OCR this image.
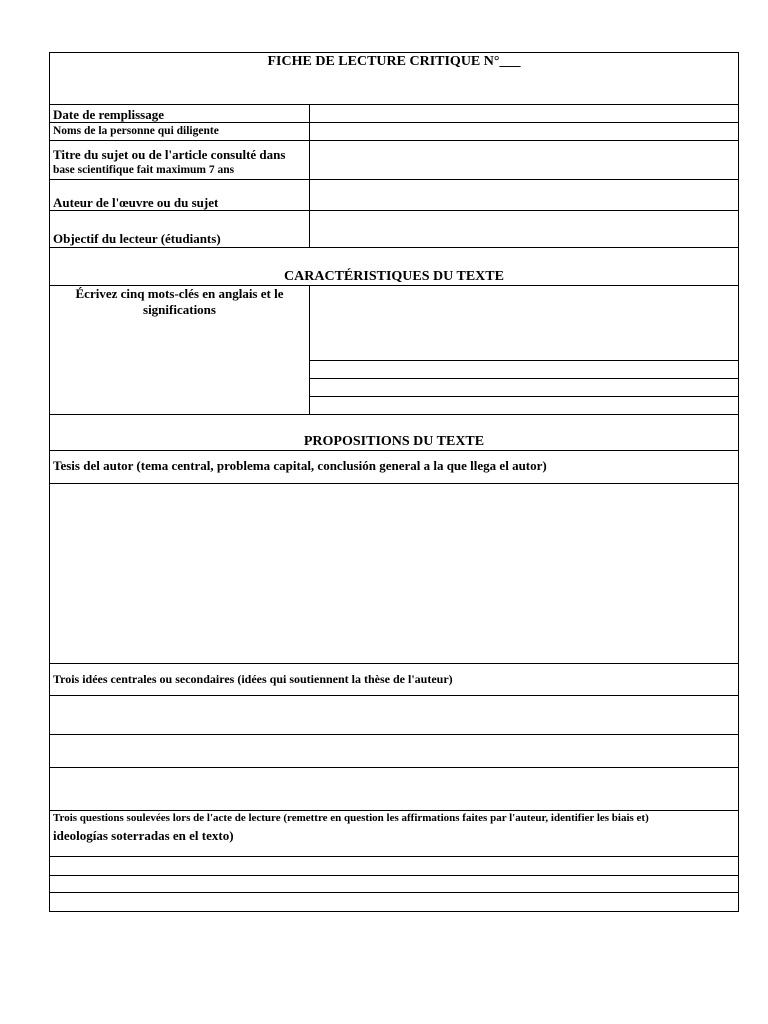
FICHE DE LECTURE CRITIQUE N°___
Date de remplissage
Noms de la personne qui diligente
Titre du sujet ou de l'article consulté dans
base scientifique fait maximum 7 ans
Auteur de l'œuvre ou du sujet
Objectif du lecteur (étudiants)
CARACTÉRISTIQUES DU TEXTE
Écrivez cinq mots-clés en anglais et le
significations
PROPOSITIONS DU TEXTE
Tesis del autor (tema central, problema capital, conclusión general a la que llega el autor)
Trois idées centrales ou secondaires (idées qui soutiennent la thèse de l'auteur)
Trois questions soulevées lors de l'acte de lecture (remettre en question les affirmations faites par l'auteur, identifier les biais et)
ideologías soterradas en el texto)
